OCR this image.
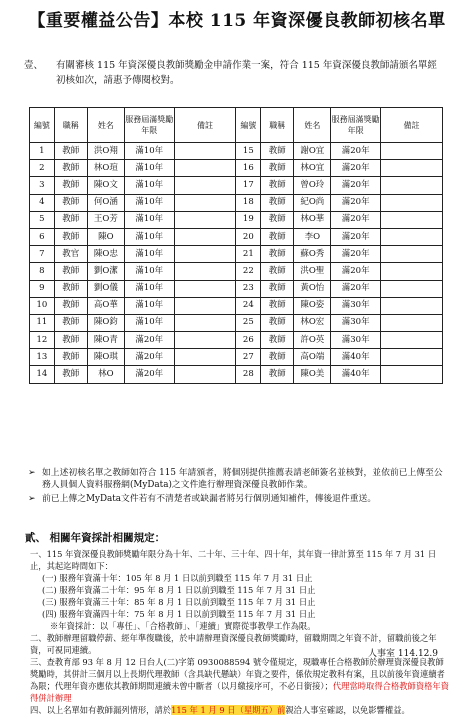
【重要權益公告】本校 115 年資深優良教師初核名單
壹、 有關審核 115 年資深優良教師獎勵金申請作業一案，符合 115 年資深優良教師請頒名單經初核如次，請惠予傳閱校對。
編號	職稱	姓名	服務屆滿獎勵年限	備註	編號	職稱	姓名	服務屆滿獎勵年限	備註
1	教師	洪O翔	滿10年		15	教師	謝O宜	滿20年	
2	教師	林O瑄	滿10年		16	教師	林O宜	滿20年	
3	教師	陳O文	滿10年		17	教師	曾O玲	滿20年	
4	教師	何O涵	滿10年		18	教師	紀O尚	滿20年	
5	教師	王O芳	滿10年		19	教師	林O華	滿20年	
6	教師	陳O	滿10年		20	教師	李O	滿20年	
7	教官	陳O忠	滿10年		21	教師	蘇O秀	滿20年	
8	教師	劉O潔	滿10年		22	教師	洪O聖	滿20年	
9	教師	劉O儀	滿10年		23	教師	黃O怡	滿20年	
10	教師	高O華	滿10年		24	教師	陳O姿	滿30年	
11	教師	陳O鈞	滿10年		25	教師	林O宏	滿30年	
12	教師	陳O青	滿20年		26	教師	許O英	滿30年	
13	教師	陳O琪	滿20年		27	教師	高O端	滿40年	
14	教師	林O	滿20年		28	教師	陳O美	滿40年	
➢ 如上述初核名單之教師如符合 115 年請頒者，將個別提供推薦表請老師簽名並核對，並依前已上傳至公務人員個人資料服務網(MyData)之文件進行辦理資深優良教師作業。
➢ 前已上傳之MyData文件若有不清楚者或缺漏者將另行個別通知補件，傳後退件重送。
貳、 相關年資採計相關規定：
一、115 年資深優良教師獎勵年限分為十年、二十年、三十年、四十年，其年資一律計算至 115 年 7 月 31 日止，其起迄時間如下：
(一) 服務年資滿十年：105 年 8 月 1 日以前到職至 115 年 7 月 31 日止
(二) 服務年資滿二十年：95 年 8 月 1 日以前到職至 115 年 7 月 31 日止
(三) 服務年資滿三十年：85 年 8 月 1 日以前到職至 115 年 7 月 31 日止
(四) 服務年資滿四十年：75 年 8 月 1 日以前到職至 115 年 7 月 31 日止
※年資採計：以「專任」、「合格教師」、「連續」實際從事教學工作為限。
二、教師辦理留職停薪、經年準復職後，於申請辦理資深優良教師獎勵時，留職期間之年資不計，留職前後之年資，可視同連續。
三、查教育部 93 年 8 月 12 日台人(二)字第 0930088594 號令僅規定，現職專任合格教師於辦理資深優良教師獎勵時，其併計三個月以上長期代理教師（含具缺代懸缺）年資之要件，係依規定教科有案，且以前後年資連續者為限；代理年資亦應依其教師期間連續未曾中斷者（以月繳接序可，不必日銜接）；代理當時取得合格教師資格年資得併計辦理
四、以上名單如有教師漏列情形，請於115 年 1 月 9 日（星期五）前親洽人事室確認，以免影響權益。
人事室 114.12.9
